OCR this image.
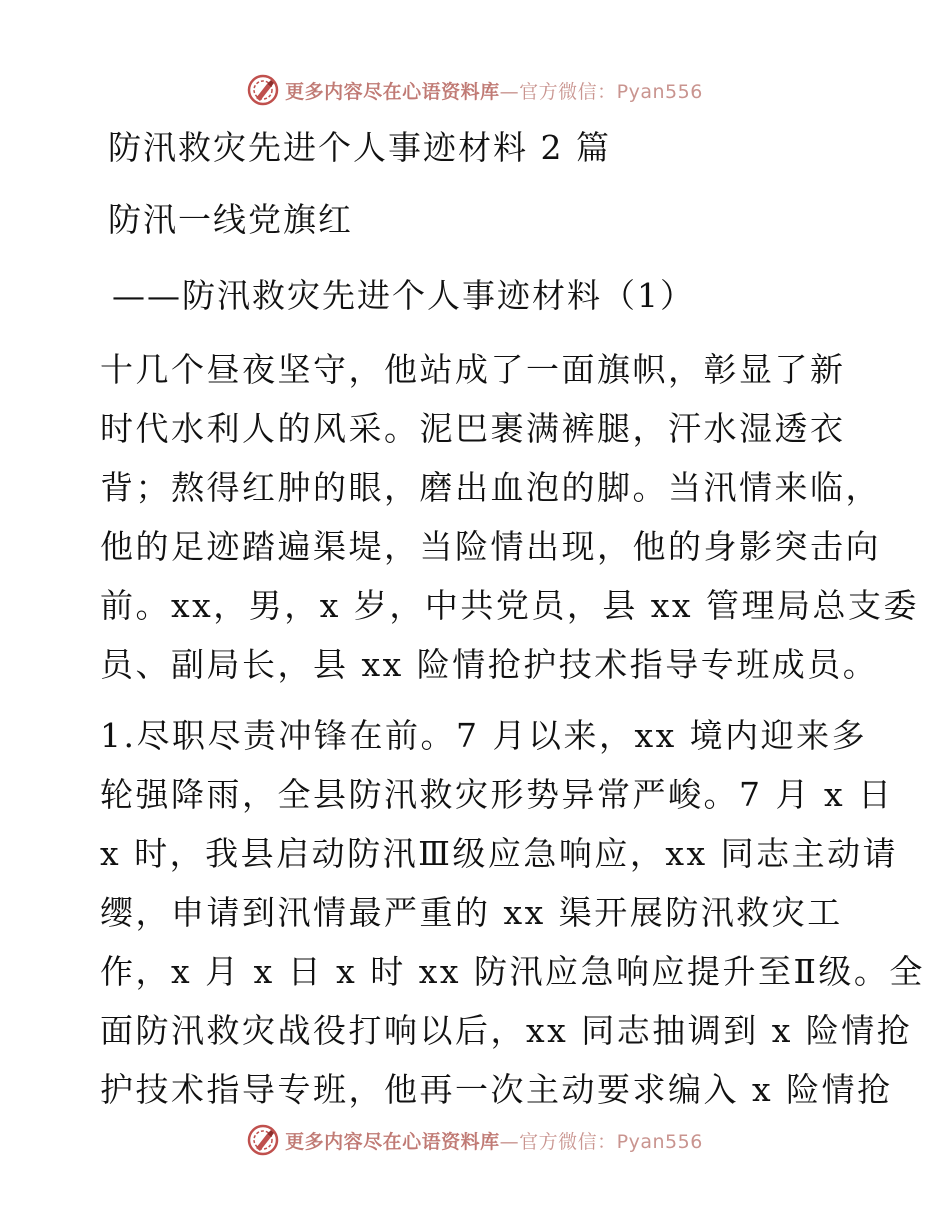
更多内容尽在心语资料库 —官方微信：Pyan556
防汛救灾先进个人事迹材料 2 篇
防汛一线党旗红
——防汛救灾先进个人事迹材料（1）
十几个昼夜坚守，他站成了一面旗帜，彰显了新
时代水利人的风采。泥巴裹满裤腿，汗水湿透衣
背；熬得红肿的眼，磨出血泡的脚。当汛情来临，
他的足迹踏遍渠堤，当险情出现，他的身影突击向
前。xx，男，x 岁，中共党员，县 xx 管理局总支委
员、副局长，县 xx 险情抢护技术指导专班成员。
1.尽职尽责冲锋在前。7 月以来，xx 境内迎来多
轮强降雨，全县防汛救灾形势异常严峻。7 月 x 日
x 时，我县启动防汛Ⅲ级应急响应，xx 同志主动请
缨，申请到汛情最严重的 xx 渠开展防汛救灾工
作，x 月 x 日 x 时 xx 防汛应急响应提升至Ⅱ级。全
面防汛救灾战役打响以后，xx 同志抽调到 x 险情抢
护技术指导专班，他再一次主动要求编入 x 险情抢
更多内容尽在心语资料库 —官方微信：Pyan556
